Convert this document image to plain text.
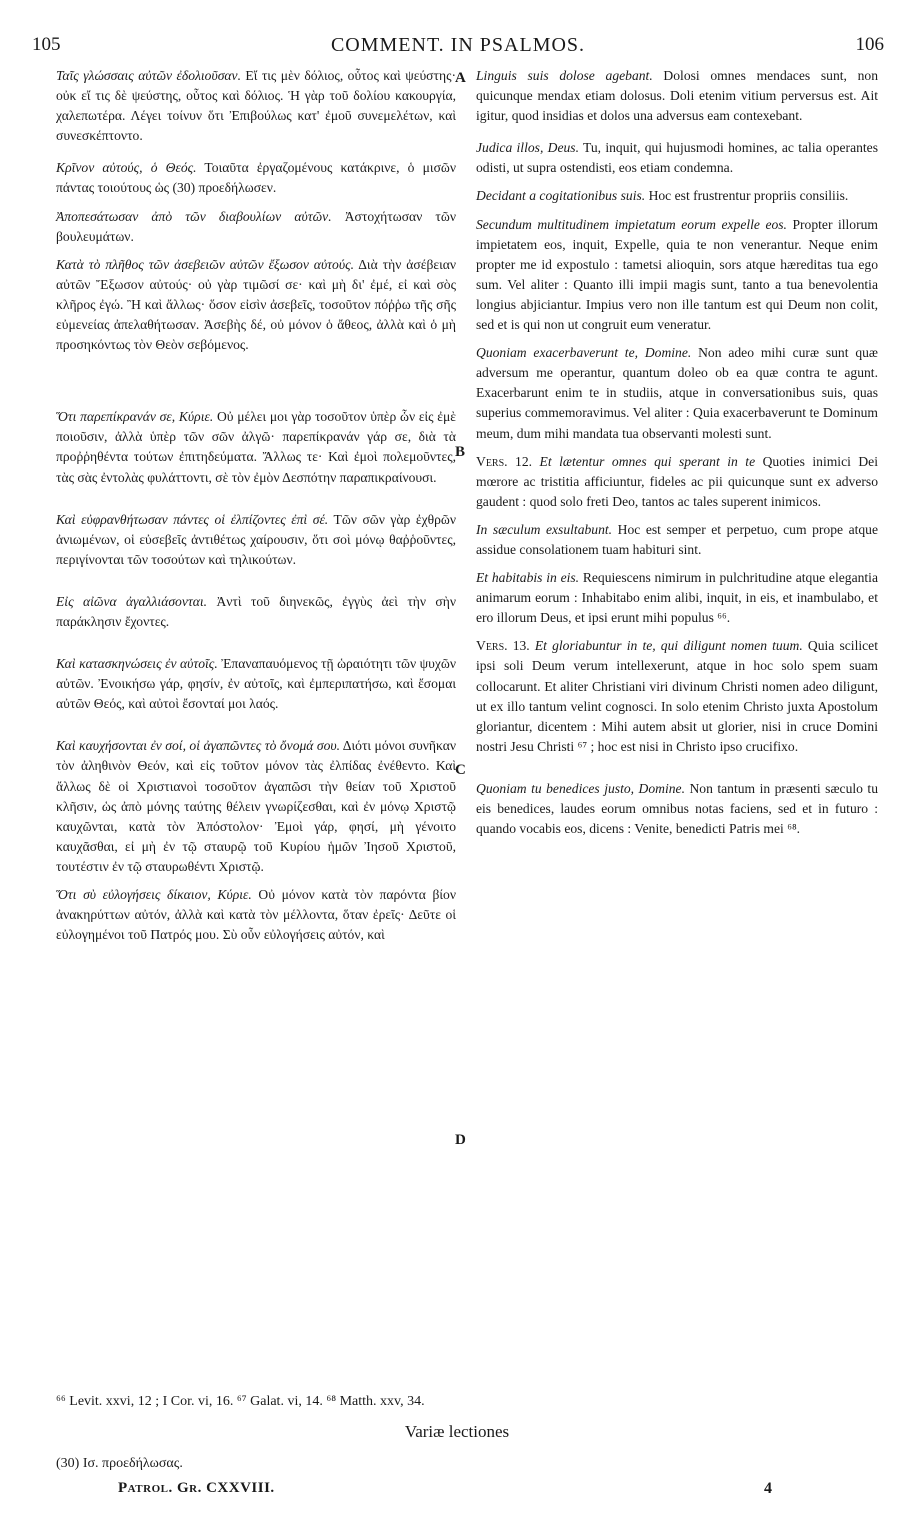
105	COMMENT. IN PSALMOS.	106

Ταῖς γλώσσαις αὐτῶν ἐδολιοῦσαν. Εἴ τις μὲν δόλιος, οὗτος καὶ ψεύστης· οὐκ εἴ τις δὲ ψεύστης, οὗτος καὶ δόλιος. Ἡ γὰρ τοῦ δολίου κακουργία, χαλεπωτέρα. Λέγει τοίνυν ὅτι Ἐπιβούλως κατ' ἐμοῦ συνεμελέτων, καὶ συνεσκέπτοντο.

Κρῖνον αὐτούς, ὁ Θεός. Τοιαῦτα ἐργαζομένους κατάκρινε, ὁ μισῶν πάντας τοιούτους ὡς (30) προεδήλωσεν.

Ἀποπεσάτωσαν ἀπὸ τῶν διαβουλίων αὐτῶν. Ἀστοχήτωσαν τῶν βουλευμάτων.

Κατὰ τὸ πλῆθος τῶν ἀσεβειῶν αὐτῶν ἔξωσον αὐτούς. Διὰ τὴν ἀσέβειαν αὐτῶν Ἔξωσον αὐτούς· οὐ γὰρ τιμῶσί σε· καὶ μὴ δι' ἐμέ, εἰ καὶ σὸς κλῆρος ἐγώ. Ἢ καὶ ἄλλως· ὅσον εἰσὶν ἀσεβεῖς, τοσοῦτον πόῤῥω τῆς σῆς εὐμενείας ἀπελαθήτωσαν. Ἀσεβὴς δέ, οὐ μόνον ὁ ἄθεος, ἀλλὰ καὶ ὁ μὴ προσηκόντως τὸν Θεὸν σεβόμενος.

Ὅτι παρεπίκρανάν σε, Κύριε. Οὐ μέλει μοι γὰρ τοσοῦτον ὑπὲρ ὧν εἰς ἐμὲ ποιοῦσιν, ἀλλὰ ὑπὲρ τῶν σῶν ἀλγῶ· παρεπίκρανάν γάρ σε, διὰ τὰ προῤῥηθέντα τούτων ἐπιτηδεύματα. Ἄλλως τε· Καὶ ἐμοὶ πολεμοῦντες, τὰς σὰς ἐντολὰς φυλάττοντι, σὲ τὸν ἐμὸν Δεσπότην παραπικραίνουσι.

Καὶ εὐφρανθήτωσαν πάντες οἱ ἐλπίζοντες ἐπὶ σέ. Τῶν σῶν γὰρ ἐχθρῶν ἀνιωμένων, οἱ εὐσεβεῖς ἀντιθέτως χαίρουσιν, ὅτι σοὶ μόνῳ θαῤῥοῦντες, περιγίνονται τῶν τοσούτων καὶ τηλικούτων.

Εἰς αἰῶνα ἀγαλλιάσονται. Ἀντὶ τοῦ διηνεκῶς, ἐγγὺς ἀεὶ τὴν σὴν παράκλησιν ἔχοντες.

Καὶ κατασκηνώσεις ἐν αὐτοῖς. Ἐπαναπαυόμενος τῇ ὡραιότητι τῶν ψυχῶν αὐτῶν. Ἐνοικήσω γάρ, φησίν, ἐν αὐτοῖς, καὶ ἐμπεριπατήσω, καὶ ἔσομαι αὐτῶν Θεός, καὶ αὐτοὶ ἔσονταί μοι λαός.

Καὶ καυχήσονται ἐν σοί, οἱ ἀγαπῶντες τὸ ὄνομά σου. Διότι μόνοι συνῆκαν τὸν ἀληθινὸν Θεόν, καὶ εἰς τοῦτον μόνον τὰς ἐλπίδας ἐνέθεντο. Καὶ ἄλλως δὲ οἱ Χριστιανοὶ τοσοῦτον ἀγαπῶσι τὴν θείαν τοῦ Χριστοῦ κλῆσιν, ὡς ἀπὸ μόνης ταύτης θέλειν γνωρίζεσθαι, καὶ ἐν μόνῳ Χριστῷ καυχῶνται, κατὰ τὸν Ἀπόστολον· Ἐμοὶ γάρ, φησί, μὴ γένοιτο καυχᾶσθαι, εἰ μὴ ἐν τῷ σταυρῷ τοῦ Κυρίου ἡμῶν Ἰησοῦ Χριστοῦ, τουτέστιν ἐν τῷ σταυρωθέντι Χριστῷ.

Ὅτι σὺ εὐλογήσεις δίκαιον, Κύριε. Οὐ μόνον κατὰ τὸν παρόντα βίον ἀνακηρύττων αὐτόν, ἀλλὰ καὶ κατὰ τὸν μέλλοντα, ὅταν ἐρεῖς· Δεῦτε οἱ εὐλογημένοι τοῦ Πατρός μου. Σὺ οὖν εὐλογήσεις αὐτόν, καὶ

A
B
C
D

Linguis suis dolose agebant. Dolosi omnes mendaces sunt, non quicunque mendax etiam dolosus. Doli etenim vitium perversus est. Ait igitur, quod insidias et dolos una adversus eam contexebant.

Judica illos, Deus. Tu, inquit, qui hujusmodi homines, ac talia operantes odisti, ut supra ostendisti, eos etiam condemna.

Decidant a cogitationibus suis. Hoc est frustrentur propriis consiliis.

Secundum multitudinem impietatum eorum expelle eos. Propter illorum impietatem eos, inquit, Expelle, quia te non venerantur. Neque enim propter me id expostulo : tametsi alioquin, sors atque hæreditas tua ego sum. Vel aliter : Quanto illi impii magis sunt, tanto a tua benevolentia longius abjiciantur. Impius vero non ille tantum est qui Deum non colit, sed et is qui non ut congruit eum veneratur.

Quoniam exacerbaverunt te, Domine. Non adeo mihi curæ sunt quæ adversum me operantur, quantum doleo ob ea quæ contra te agunt. Exacerbarunt enim te in studiis, atque in conversationibus suis, quas superius commemoravimus. Vel aliter : Quia exacerbaverunt te Dominum meum, dum mihi mandata tua observanti molesti sunt.

Vers. 12. Et lætentur omnes qui sperant in te Quoties inimici Dei mœrore ac tristitia afficiuntur, fideles ac pii quicunque sunt ex adverso gaudent : quod solo freti Deo, tantos ac tales superent inimicos.

In sæculum exsultabunt. Hoc est semper et perpetuo, cum prope atque assidue consolationem tuam habituri sint.

Et habitabis in eis. Requiescens nimirum in pulchritudine atque elegantia animarum eorum : Inhabitabo enim alibi, inquit, in eis, et inambulabo, et ero illorum Deus, et ipsi erunt mihi populus ⁶⁶.

Vers. 13. Et gloriabuntur in te, qui diligunt nomen tuum. Quia scilicet ipsi soli Deum verum intellexerunt, atque in hoc solo spem suam collocarunt. Et aliter Christiani viri divinum Christi nomen adeo diligunt, ut ex illo tantum velint cognosci. In solo etenim Christo juxta Apostolum gloriantur, dicentem : Mihi autem absit ut glorier, nisi in cruce Domini nostri Jesu Christi ⁶⁷ ; hoc est nisi in Christo ipso crucifixo.

Quoniam tu benedices justo, Domine. Non tantum in præsenti sæculo tu eis benedices, laudes eorum omnibus notas faciens, sed et in futuro : quando vocabis eos, dicens : Venite, benedicti Patris mei ⁶⁸.

⁶⁶ Levit. xxvi, 12 ; I Cor. vi, 16. ⁶⁷ Galat. vi, 14. ⁶⁸ Matth. xxv, 34.
Variæ lectiones
(30) Ισ. προεδήλωσας.
Patrol. Gr. CXXVIII.	4
